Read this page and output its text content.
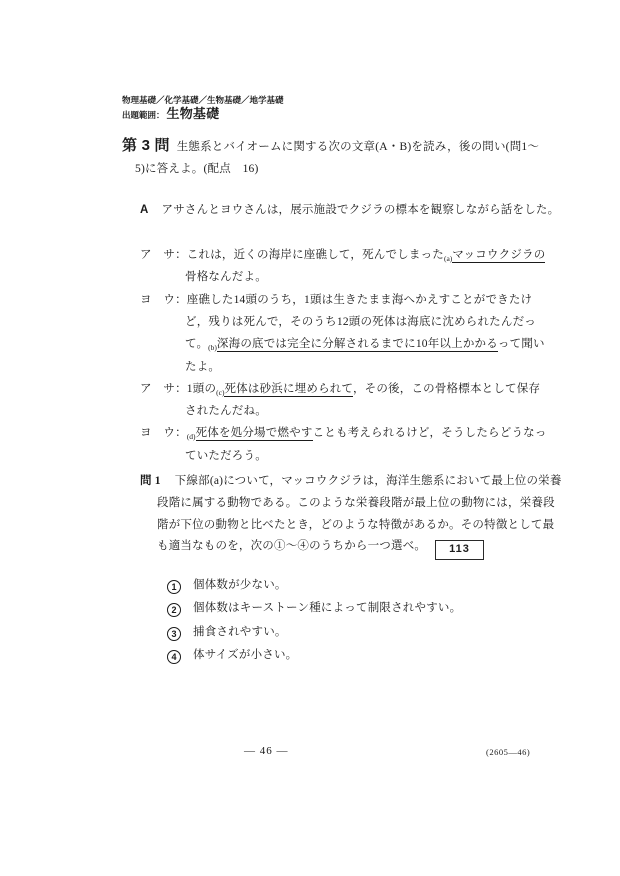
物理基礎／化学基礎／生物基礎／地学基礎
出題範囲： 生物基礎
第 3 問 生態系とバイオームに関する次の文章(A・B)を読み，後の問い(問1～
5)に答えよ。(配点　16)
A アサさんとヨウさんは，展示施設でクジラの標本を観察しながら話をした。
ア　サ：これは，近くの海岸に座礁して，死んでしまった$_{(a)}$マッコウクジラの
骨格なんだよ。
ヨ　ウ：座礁した14頭のうち，1頭は生きたまま海へかえすことができたけ
ど，残りは死んで，そのうち12頭の死体は海底に沈められたんだっ
て。$_{(b)}$深海の底では完全に分解されるまでに10年以上かかるって聞い
たよ。
ア　サ：1頭の$_{(c)}$死体は砂浜に埋められて，その後，この骨格標本として保存
されたんだね。
ヨ　ウ：$_{(d)}$死体を処分場で燃やすことも考えられるけど，そうしたらどうなっ
ていただろう。
問 1 下線部(a)について，マッコウクジラは，海洋生態系において最上位の栄養
段階に属する動物である。このような栄養段階が最上位の動物には，栄養段
階が下位の動物と比べたとき，どのような特徴があるか。その特徴として最
も適当なものを，次の①～④のうちから一つ選べ。 113
1 個体数が少ない。
2 個体数はキーストーン種によって制限されやすい。
3 捕食されやすい。
4 体サイズが小さい。
— 46 —	(2605—46)
